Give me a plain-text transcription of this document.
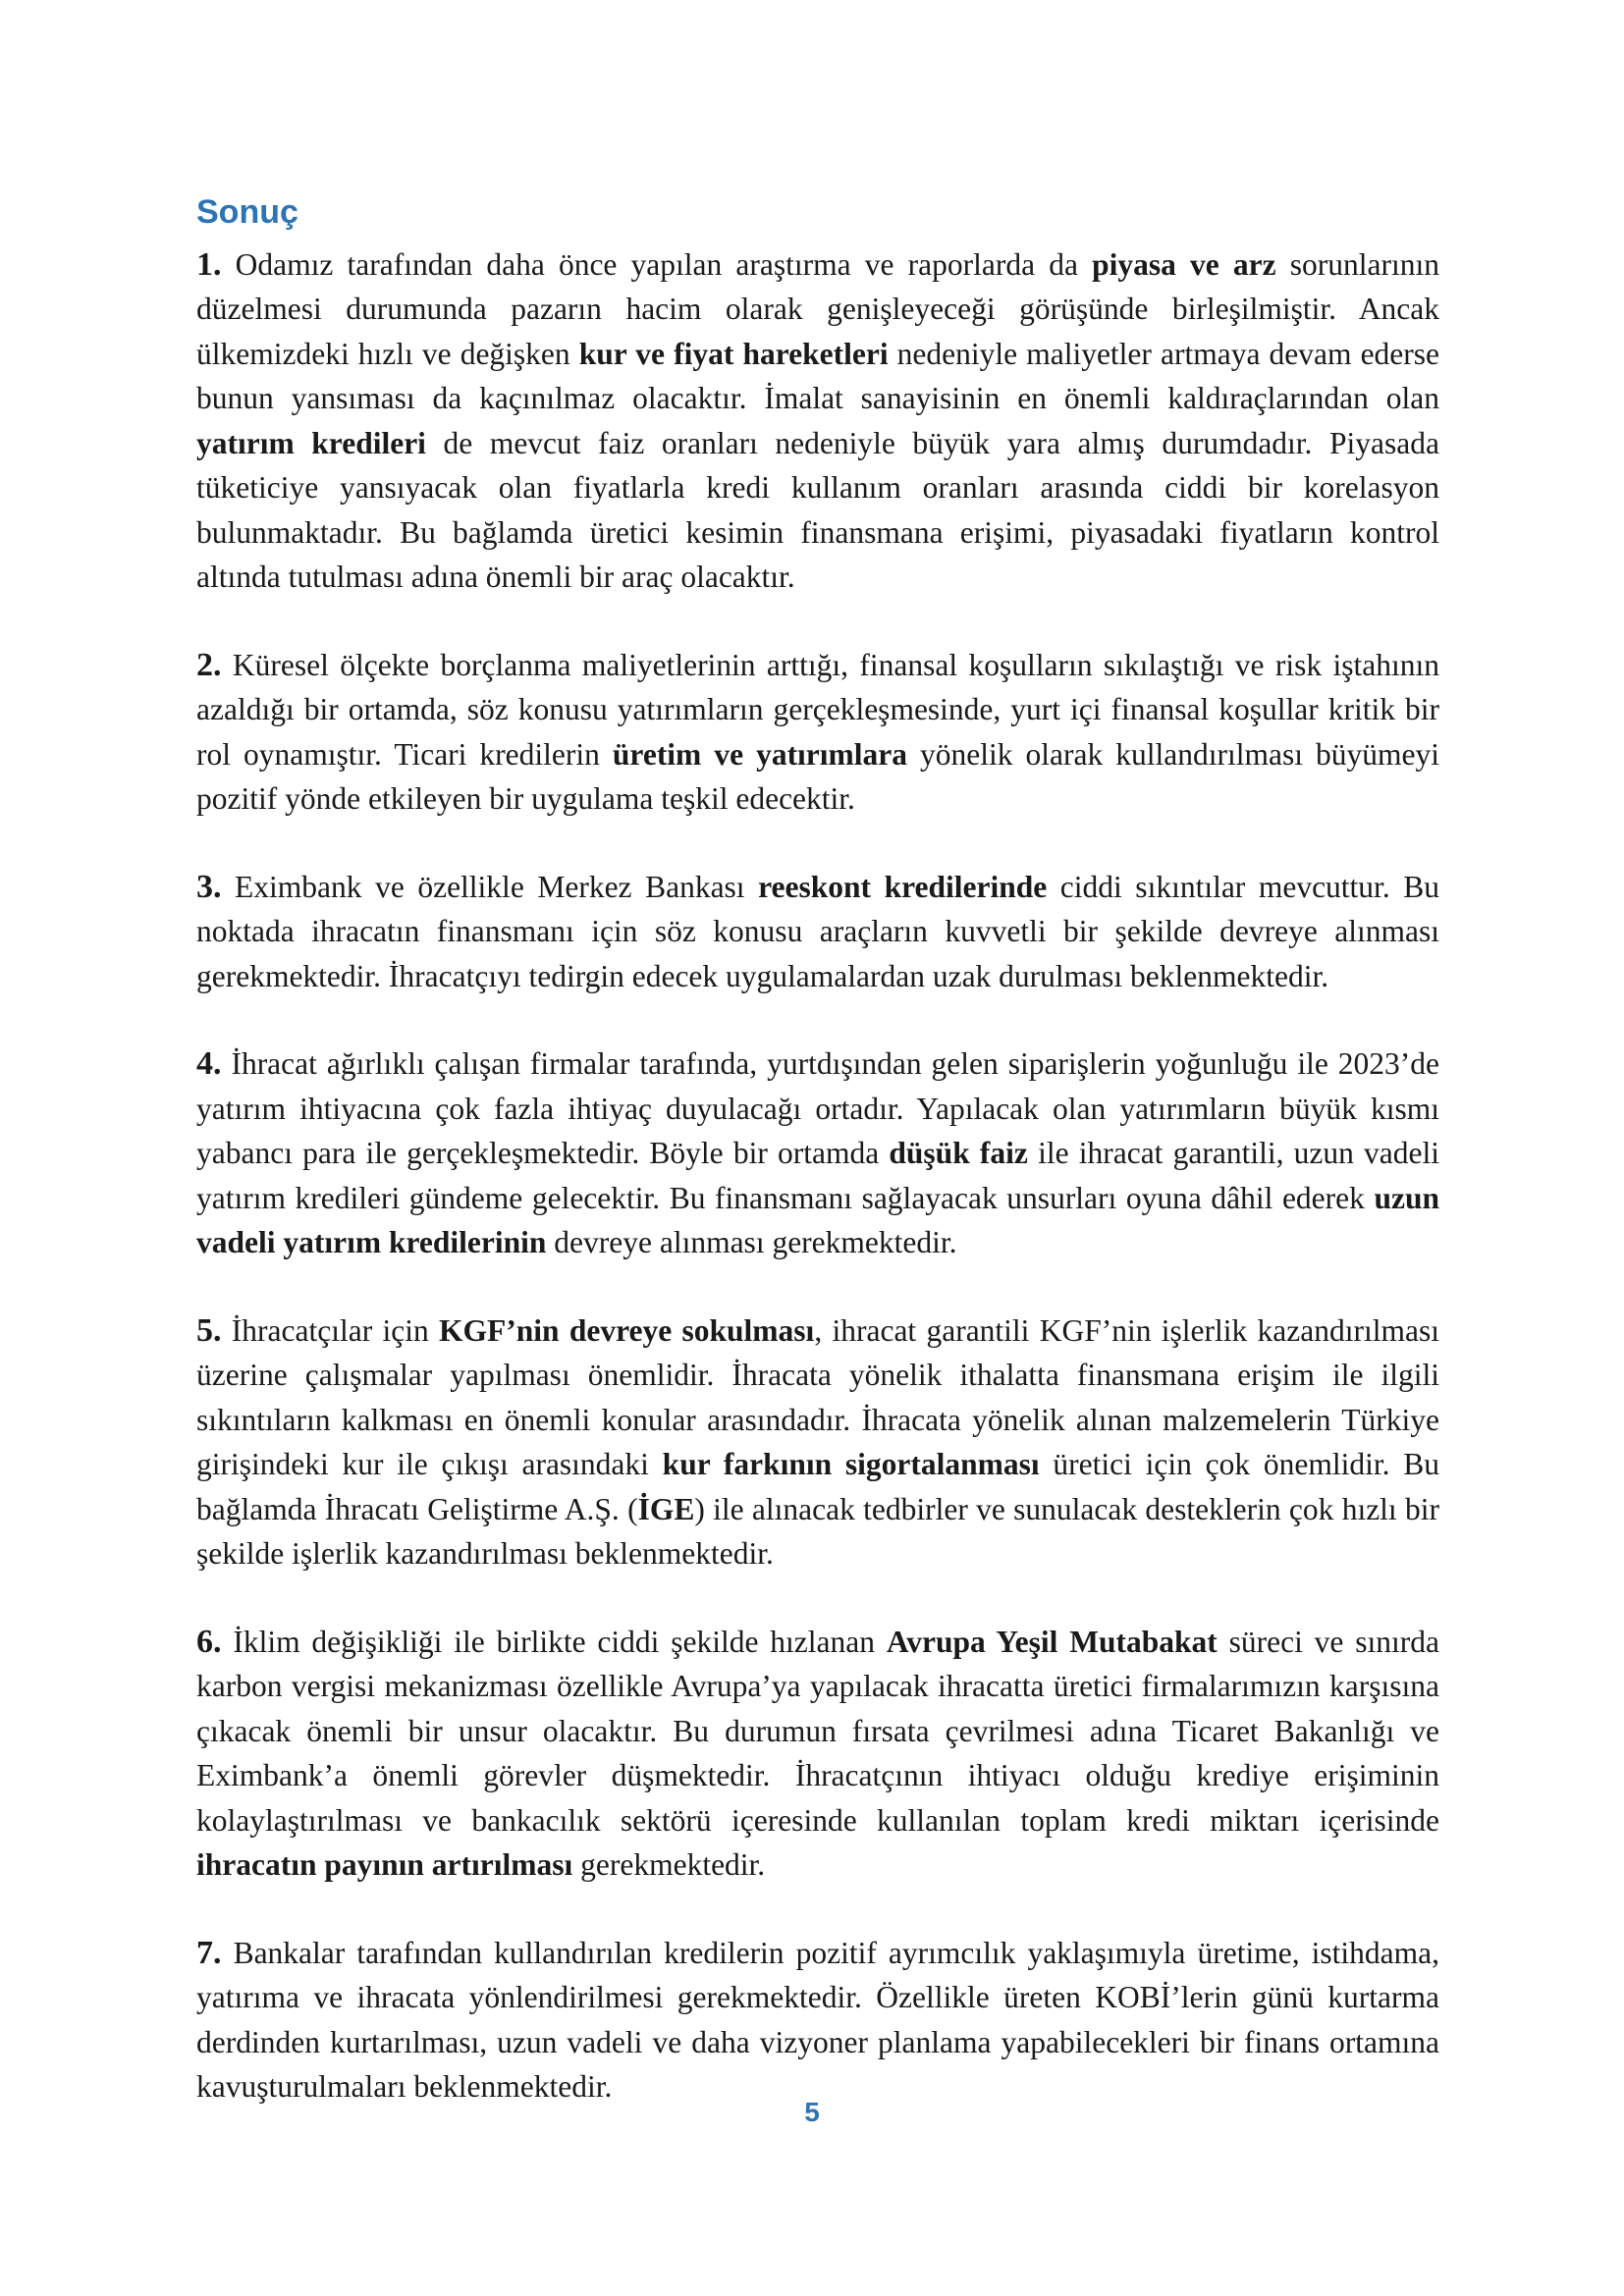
Sonuç

1. Odamız tarafından daha önce yapılan araştırma ve raporlarda da piyasa ve arz sorunlarının düzelmesi durumunda pazarın hacim olarak genişleyeceği görüşünde birleşilmiştir. Ancak ülkemizdeki hızlı ve değişken kur ve fiyat hareketleri nedeniyle maliyetler artmaya devam ederse bunun yansıması da kaçınılmaz olacaktır. İmalat sanayisinin en önemli kaldıraçlarından olan yatırım kredileri de mevcut faiz oranları nedeniyle büyük yara almış durumdadır. Piyasada tüketiciye yansıyacak olan fiyatlarla kredi kullanım oranları arasında ciddi bir korelasyon bulunmaktadır. Bu bağlamda üretici kesimin finansmana erişimi, piyasadaki fiyatların kontrol altında tutulması adına önemli bir araç olacaktır.

2. Küresel ölçekte borçlanma maliyetlerinin arttığı, finansal koşulların sıkılaştığı ve risk iştahının azaldığı bir ortamda, söz konusu yatırımların gerçekleşmesinde, yurt içi finansal koşullar kritik bir rol oynamıştır. Ticari kredilerin üretim ve yatırımlara yönelik olarak kullandırılması büyümeyi pozitif yönde etkileyen bir uygulama teşkil edecektir.

3. Eximbank ve özellikle Merkez Bankası reeskont kredilerinde ciddi sıkıntılar mevcuttur. Bu noktada ihracatın finansmanı için söz konusu araçların kuvvetli bir şekilde devreye alınması gerekmektedir. İhracatçıyı tedirgin edecek uygulamalardan uzak durulması beklenmektedir.

4. İhracat ağırlıklı çalışan firmalar tarafında, yurtdışından gelen siparişlerin yoğunluğu ile 2023’de yatırım ihtiyacına çok fazla ihtiyaç duyulacağı ortadır. Yapılacak olan yatırımların büyük kısmı yabancı para ile gerçekleşmektedir. Böyle bir ortamda düşük faiz ile ihracat garantili, uzun vadeli yatırım kredileri gündeme gelecektir. Bu finansmanı sağlayacak unsurları oyuna dâhil ederek uzun vadeli yatırım kredilerinin devreye alınması gerekmektedir.

5. İhracatçılar için KGF’nin devreye sokulması, ihracat garantili KGF’nin işlerlik kazandırılması üzerine çalışmalar yapılması önemlidir. İhracata yönelik ithalatta finansmana erişim ile ilgili sıkıntıların kalkması en önemli konular arasındadır. İhracata yönelik alınan malzemelerin Türkiye girişindeki kur ile çıkışı arasındaki kur farkının sigortalanması üretici için çok önemlidir. Bu bağlamda İhracatı Geliştirme A.Ş. (İGE) ile alınacak tedbirler ve sunulacak desteklerin çok hızlı bir şekilde işlerlik kazandırılması beklenmektedir.

6. İklim değişikliği ile birlikte ciddi şekilde hızlanan Avrupa Yeşil Mutabakat süreci ve sınırda karbon vergisi mekanizması özellikle Avrupa’ya yapılacak ihracatta üretici firmalarımızın karşısına çıkacak önemli bir unsur olacaktır. Bu durumun fırsata çevrilmesi adına Ticaret Bakanlığı ve Eximbank’a önemli görevler düşmektedir. İhracatçının ihtiyacı olduğu krediye erişiminin kolaylaştırılması ve bankacılık sektörü içeresinde kullanılan toplam kredi miktarı içerisinde ihracatın payının artırılması gerekmektedir.

7. Bankalar tarafından kullandırılan kredilerin pozitif ayrımcılık yaklaşımıyla üretime, istihdama, yatırıma ve ihracata yönlendirilmesi gerekmektedir. Özellikle üreten KOBİ’lerin günü kurtarma derdinden kurtarılması, uzun vadeli ve daha vizyoner planlama yapabilecekleri bir finans ortamına kavuşturulmaları beklenmektedir.

5
